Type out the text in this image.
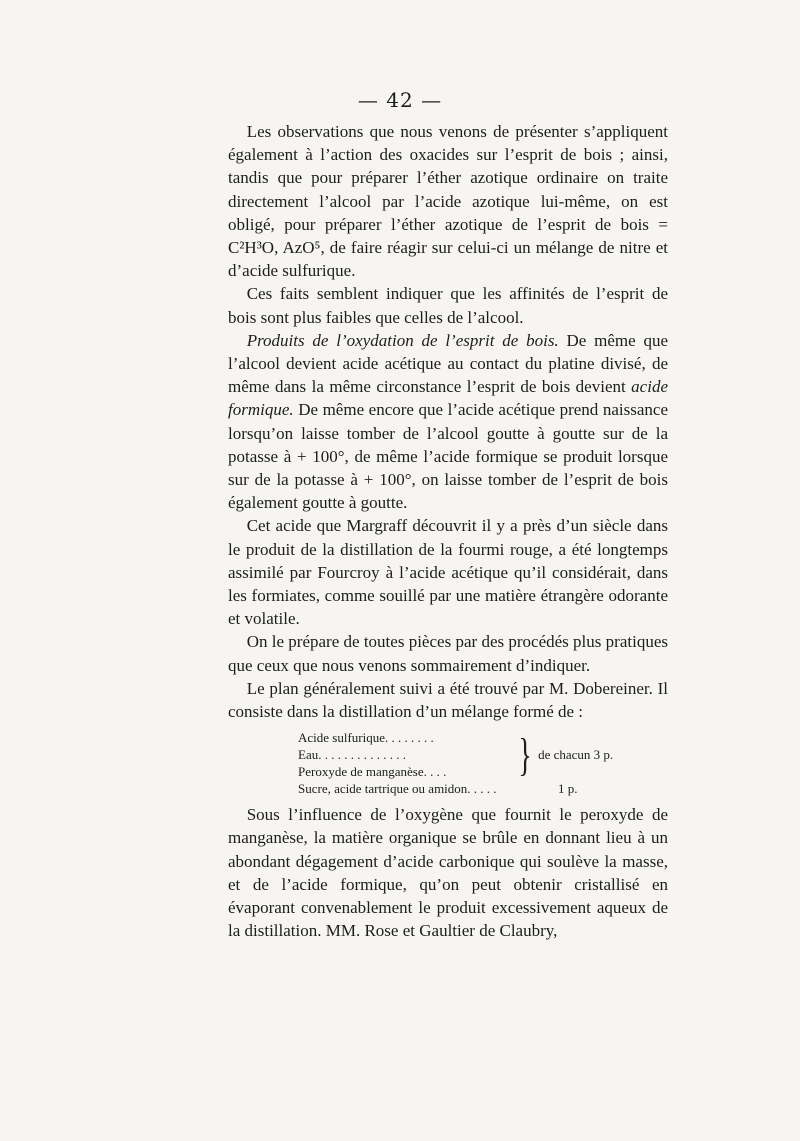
— 42 —

Les observations que nous venons de présenter s’appliquent également à l’action des oxacides sur l’esprit de bois ; ainsi, tandis que pour préparer l’éther azotique ordinaire on traite directement l’alcool par l’acide azotique lui-même, on est obligé, pour préparer l’éther azotique de l’esprit de bois = C²H³O, AzO⁵, de faire réagir sur celui-ci un mélange de nitre et d’acide sulfurique.

Ces faits semblent indiquer que les affinités de l’esprit de bois sont plus faibles que celles de l’alcool.

Produits de l’oxydation de l’esprit de bois. De même que l’alcool devient acide acétique au contact du platine divisé, de même dans la même circonstance l’esprit de bois devient acide formique. De même encore que l’acide acétique prend naissance lorsqu’on laisse tomber de l’alcool goutte à goutte sur de la potasse à + 100°, de même l’acide formique se produit lorsque sur de la potasse à + 100°, on laisse tomber de l’esprit de bois également goutte à goutte.

Cet acide que Margraff découvrit il y a près d’un siècle dans le produit de la distillation de la fourmi rouge, a été longtemps assimilé par Fourcroy à l’acide acétique qu’il considérait, dans les formiates, comme souillé par une matière étrangère odorante et volatile.

On le prépare de toutes pièces par des procédés plus pratiques que ceux que nous venons sommairement d’indiquer.

Le plan généralement suivi a été trouvé par M. Dobereiner. Il consiste dans la distillation d’un mélange formé de :

Acide sulfurique. . . . . . . .
Eau. . . . . . . . . . . . . .
Peroxyde de manganèse. . . .	} de chacun 3 p.
Sucre, acide tartrique ou amidon. . . . .	1 p.

Sous l’influence de l’oxygène que fournit le peroxyde de manganèse, la matière organique se brûle en donnant lieu à un abondant dégagement d’acide carbonique qui soulève la masse, et de l’acide formique, qu’on peut obtenir cristallisé en évaporant convenablement le produit excessivement aqueux de la distillation. MM. Rose et Gaultier de Claubry,
